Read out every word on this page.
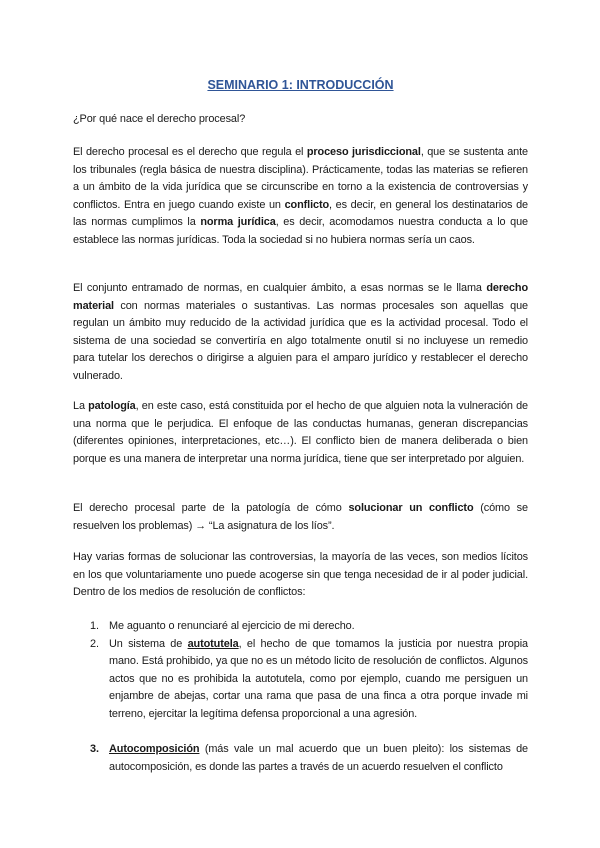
SEMINARIO 1: INTRODUCCIÓN

¿Por qué nace el derecho procesal?

El derecho procesal es el derecho que regula el proceso jurisdiccional, que se sustenta ante los tribunales (regla básica de nuestra disciplina). Prácticamente, todas las materias se refieren a un ámbito de la vida jurídica que se circunscribe en torno a la existencia de controversias y conflictos. Entra en juego cuando existe un conflicto, es decir, en general los destinatarios de las normas cumplimos la norma jurídica, es decir, acomodamos nuestra conducta a lo que establece las normas jurídicas. Toda la sociedad si no hubiera normas sería un caos.

El conjunto entramado de normas, en cualquier ámbito, a esas normas se le llama derecho material con normas materiales o sustantivas. Las normas procesales son aquellas que regulan un ámbito muy reducido de la actividad jurídica que es la actividad procesal. Todo el sistema de una sociedad se convertiría en algo totalmente onutil si no incluyese un remedio para tutelar los derechos o dirigirse a alguien para el amparo jurídico y restablecer el derecho vulnerado.

La patología, en este caso, está constituida por el hecho de que alguien nota la vulneración de una norma que le perjudica. El enfoque de las conductas humanas, generan discrepancias (diferentes opiniones, interpretaciones, etc…). El conflicto bien de manera deliberada o bien porque es una manera de interpretar una norma jurídica, tiene que ser interpretado por alguien.

El derecho procesal parte de la patología de cómo solucionar un conflicto (cómo se resuelven los problemas) → “La asignatura de los líos”.

Hay varias formas de solucionar las controversias, la mayoría de las veces, son medios lícitos en los que voluntariamente uno puede acogerse sin que tenga necesidad de ir al poder judicial. Dentro de los medios de resolución de conflictos:

1. Me aguanto o renunciaré al ejercicio de mi derecho.
2. Un sistema de autotutela, el hecho de que tomamos la justicia por nuestra propia mano. Está prohibido, ya que no es un método licito de resolución de conflictos. Algunos actos que no es prohibida la autotutela, como por ejemplo, cuando me persiguen un enjambre de abejas, cortar una rama que pasa de una finca a otra porque invade mi terreno, ejercitar la legítima defensa proporcional a una agresión.
3. Autocomposición (más vale un mal acuerdo que un buen pleito): los sistemas de autocomposición, es donde las partes a través de un acuerdo resuelven el conflicto
